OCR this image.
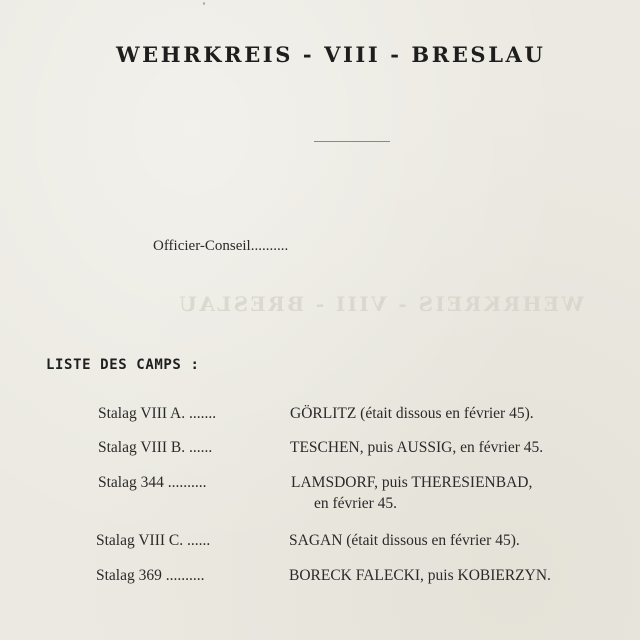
WEHRKREIS - VIII - BRESLAU
Officier-Conseil..........
WEHRKREIS - VIII - BRESLAU
LISTE DES CAMPS :
Stalag VIII A. .......	GÖRLITZ (était dissous en février 45).
Stalag VIII B. ......	TESCHEN, puis AUSSIG, en février 45.
Stalag 344 ..........	LAMSDORF, puis THERESIENBAD,
en février 45.
Stalag VIII C. ......	SAGAN (était dissous en février 45).
Stalag 369 ..........	BORECK FALECKI, puis KOBIERZYN.
